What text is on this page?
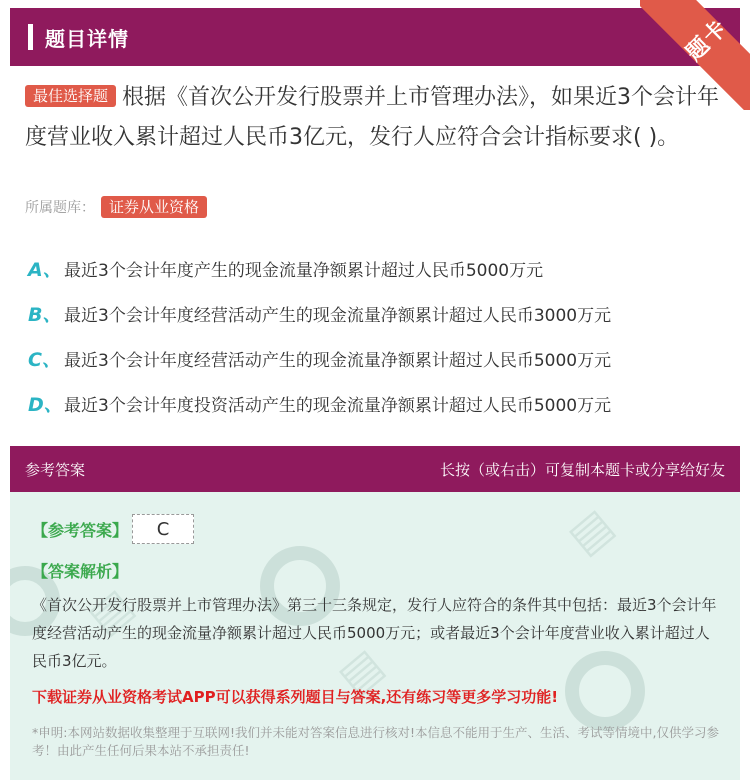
题目详情	题卡
最佳选择题 根据《首次公开发行股票并上市管理办法》，如果近3个会计年度营业收入累计超过人民币3亿元，发行人应符合会计指标要求( )。
所属题库： 证券从业资格
A、 最近3个会计年度产生的现金流量净额累计超过人民币5000万元
B、 最近3个会计年度经营活动产生的现金流量净额累计超过人民币3000万元
C、 最近3个会计年度经营活动产生的现金流量净额累计超过人民币5000万元
D、 最近3个会计年度投资活动产生的现金流量净额累计超过人民币5000万元
参考答案	长按（或右击）可复制本题卡或分享给好友
▤
▤
▤
【参考答案】	C
【答案解析】
《首次公开发行股票并上市管理办法》第三十三条规定，发行人应符合的条件其中包括：最近3个会计年度经营活动产生的现金流量净额累计超过人民币5000万元；或者最近3个会计年度营业收入累计超过人民币3亿元。
下载证券从业资格考试APP可以获得系列题目与答案,还有练习等更多学习功能!
*申明:本网站数据收集整理于互联网!我们并未能对答案信息进行核对!本信息不能用于生产、生活、考试等情境中,仅供学习参考！由此产生任何后果本站不承担责任!
